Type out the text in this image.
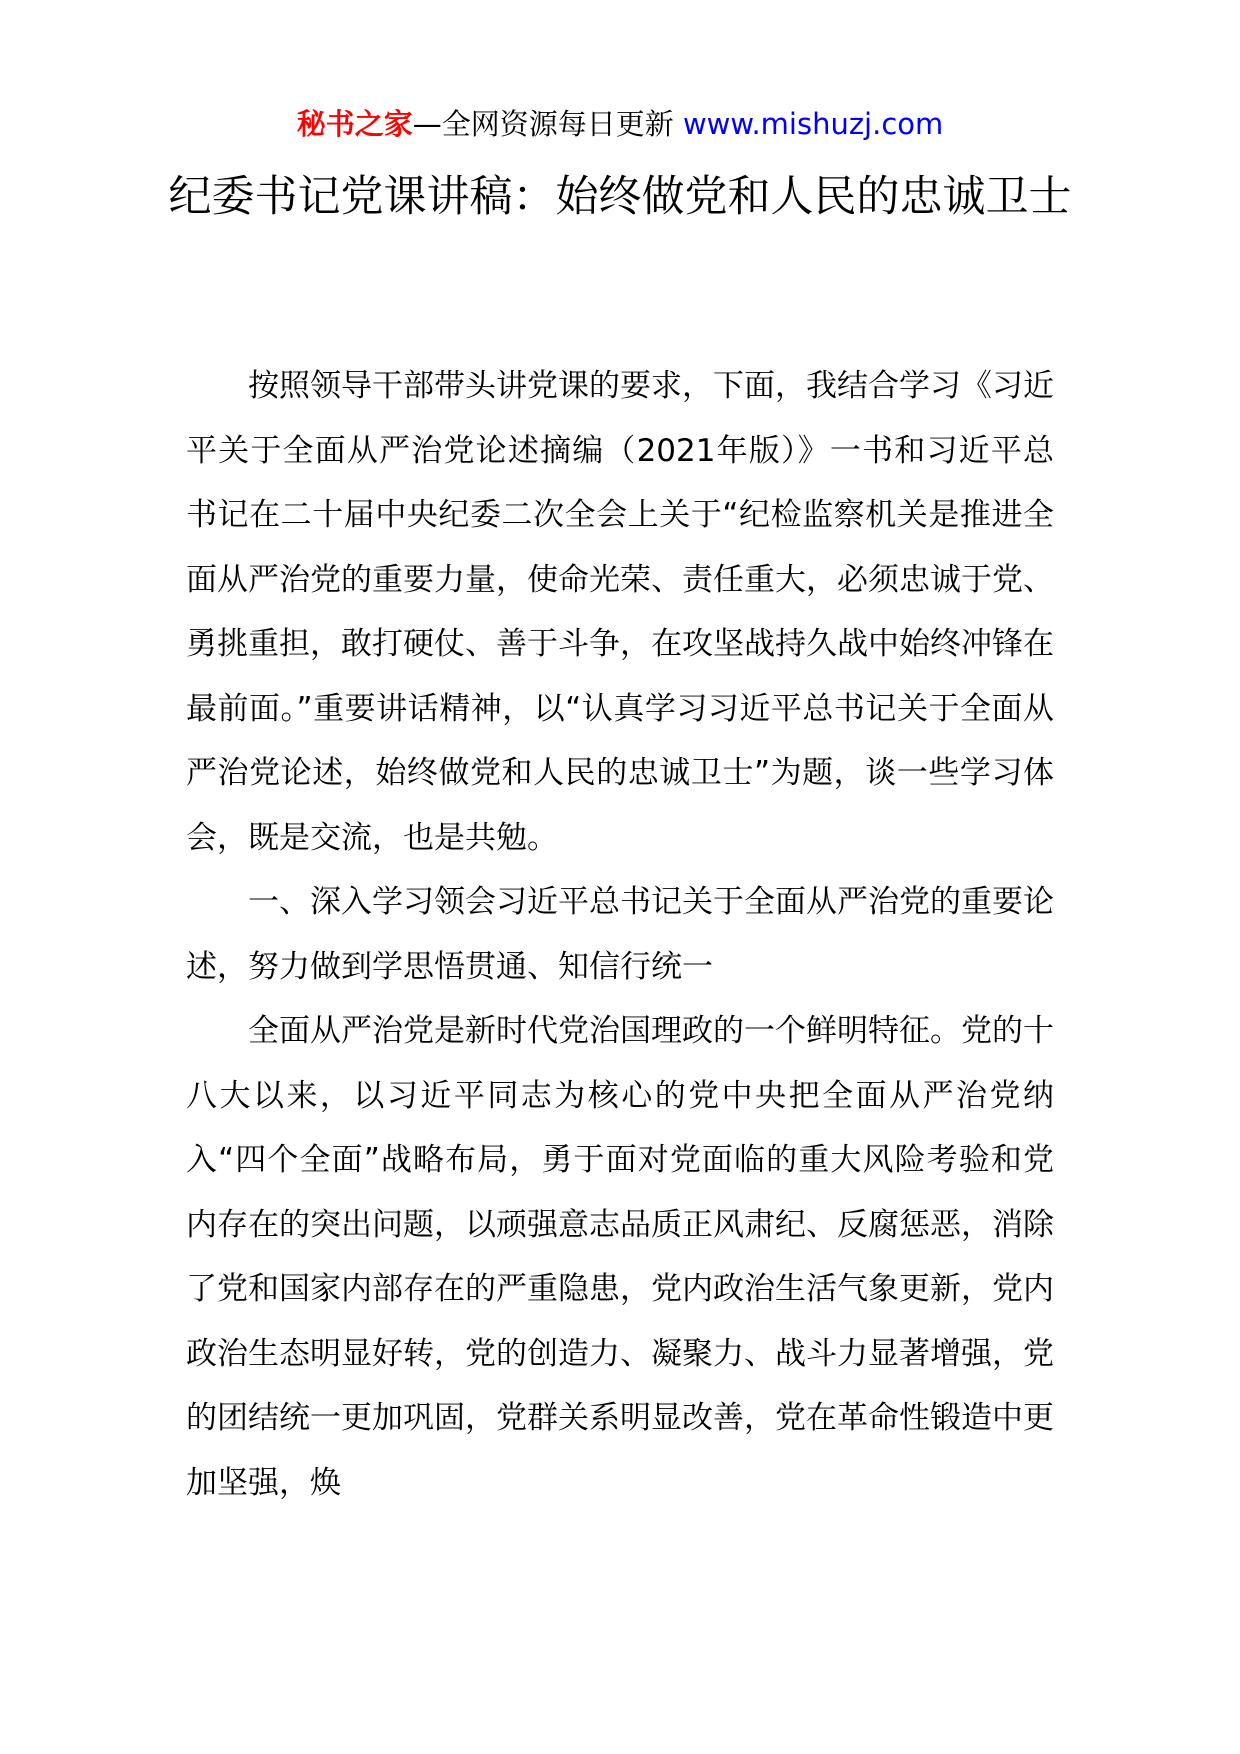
秘书之家—全网资源每日更新 www.mishuzj.com
纪委书记党课讲稿：始终做党和人民的忠诚卫士

按照领导干部带头讲党课的要求，下面，我结合学习《习近平关于全面从严治党论述摘编（2021年版）》一书和习近平总书记在二十届中央纪委二次全会上关于“纪检监察机关是推进全面从严治党的重要力量，使命光荣、责任重大，必须忠诚于党、勇挑重担，敢打硬仗、善于斗争，在攻坚战持久战中始终冲锋在最前面。”重要讲话精神，以“认真学习习近平总书记关于全面从严治党论述，始终做党和人民的忠诚卫士”为题，谈一些学习体会，既是交流，也是共勉。

一、深入学习领会习近平总书记关于全面从严治党的重要论述，努力做到学思悟贯通、知信行统一

全面从严治党是新时代党治国理政的一个鲜明特征。党的十八大以来，以习近平同志为核心的党中央把全面从严治党纳入“四个全面”战略布局，勇于面对党面临的重大风险考验和党内存在的突出问题，以顽强意志品质正风肃纪、反腐惩恶，消除了党和国家内部存在的严重隐患，党内政治生活气象更新，党内政治生态明显好转，党的创造力、凝聚力、战斗力显著增强，党的团结统一更加巩固，党群关系明显改善，党在革命性锻造中更加坚强，焕
